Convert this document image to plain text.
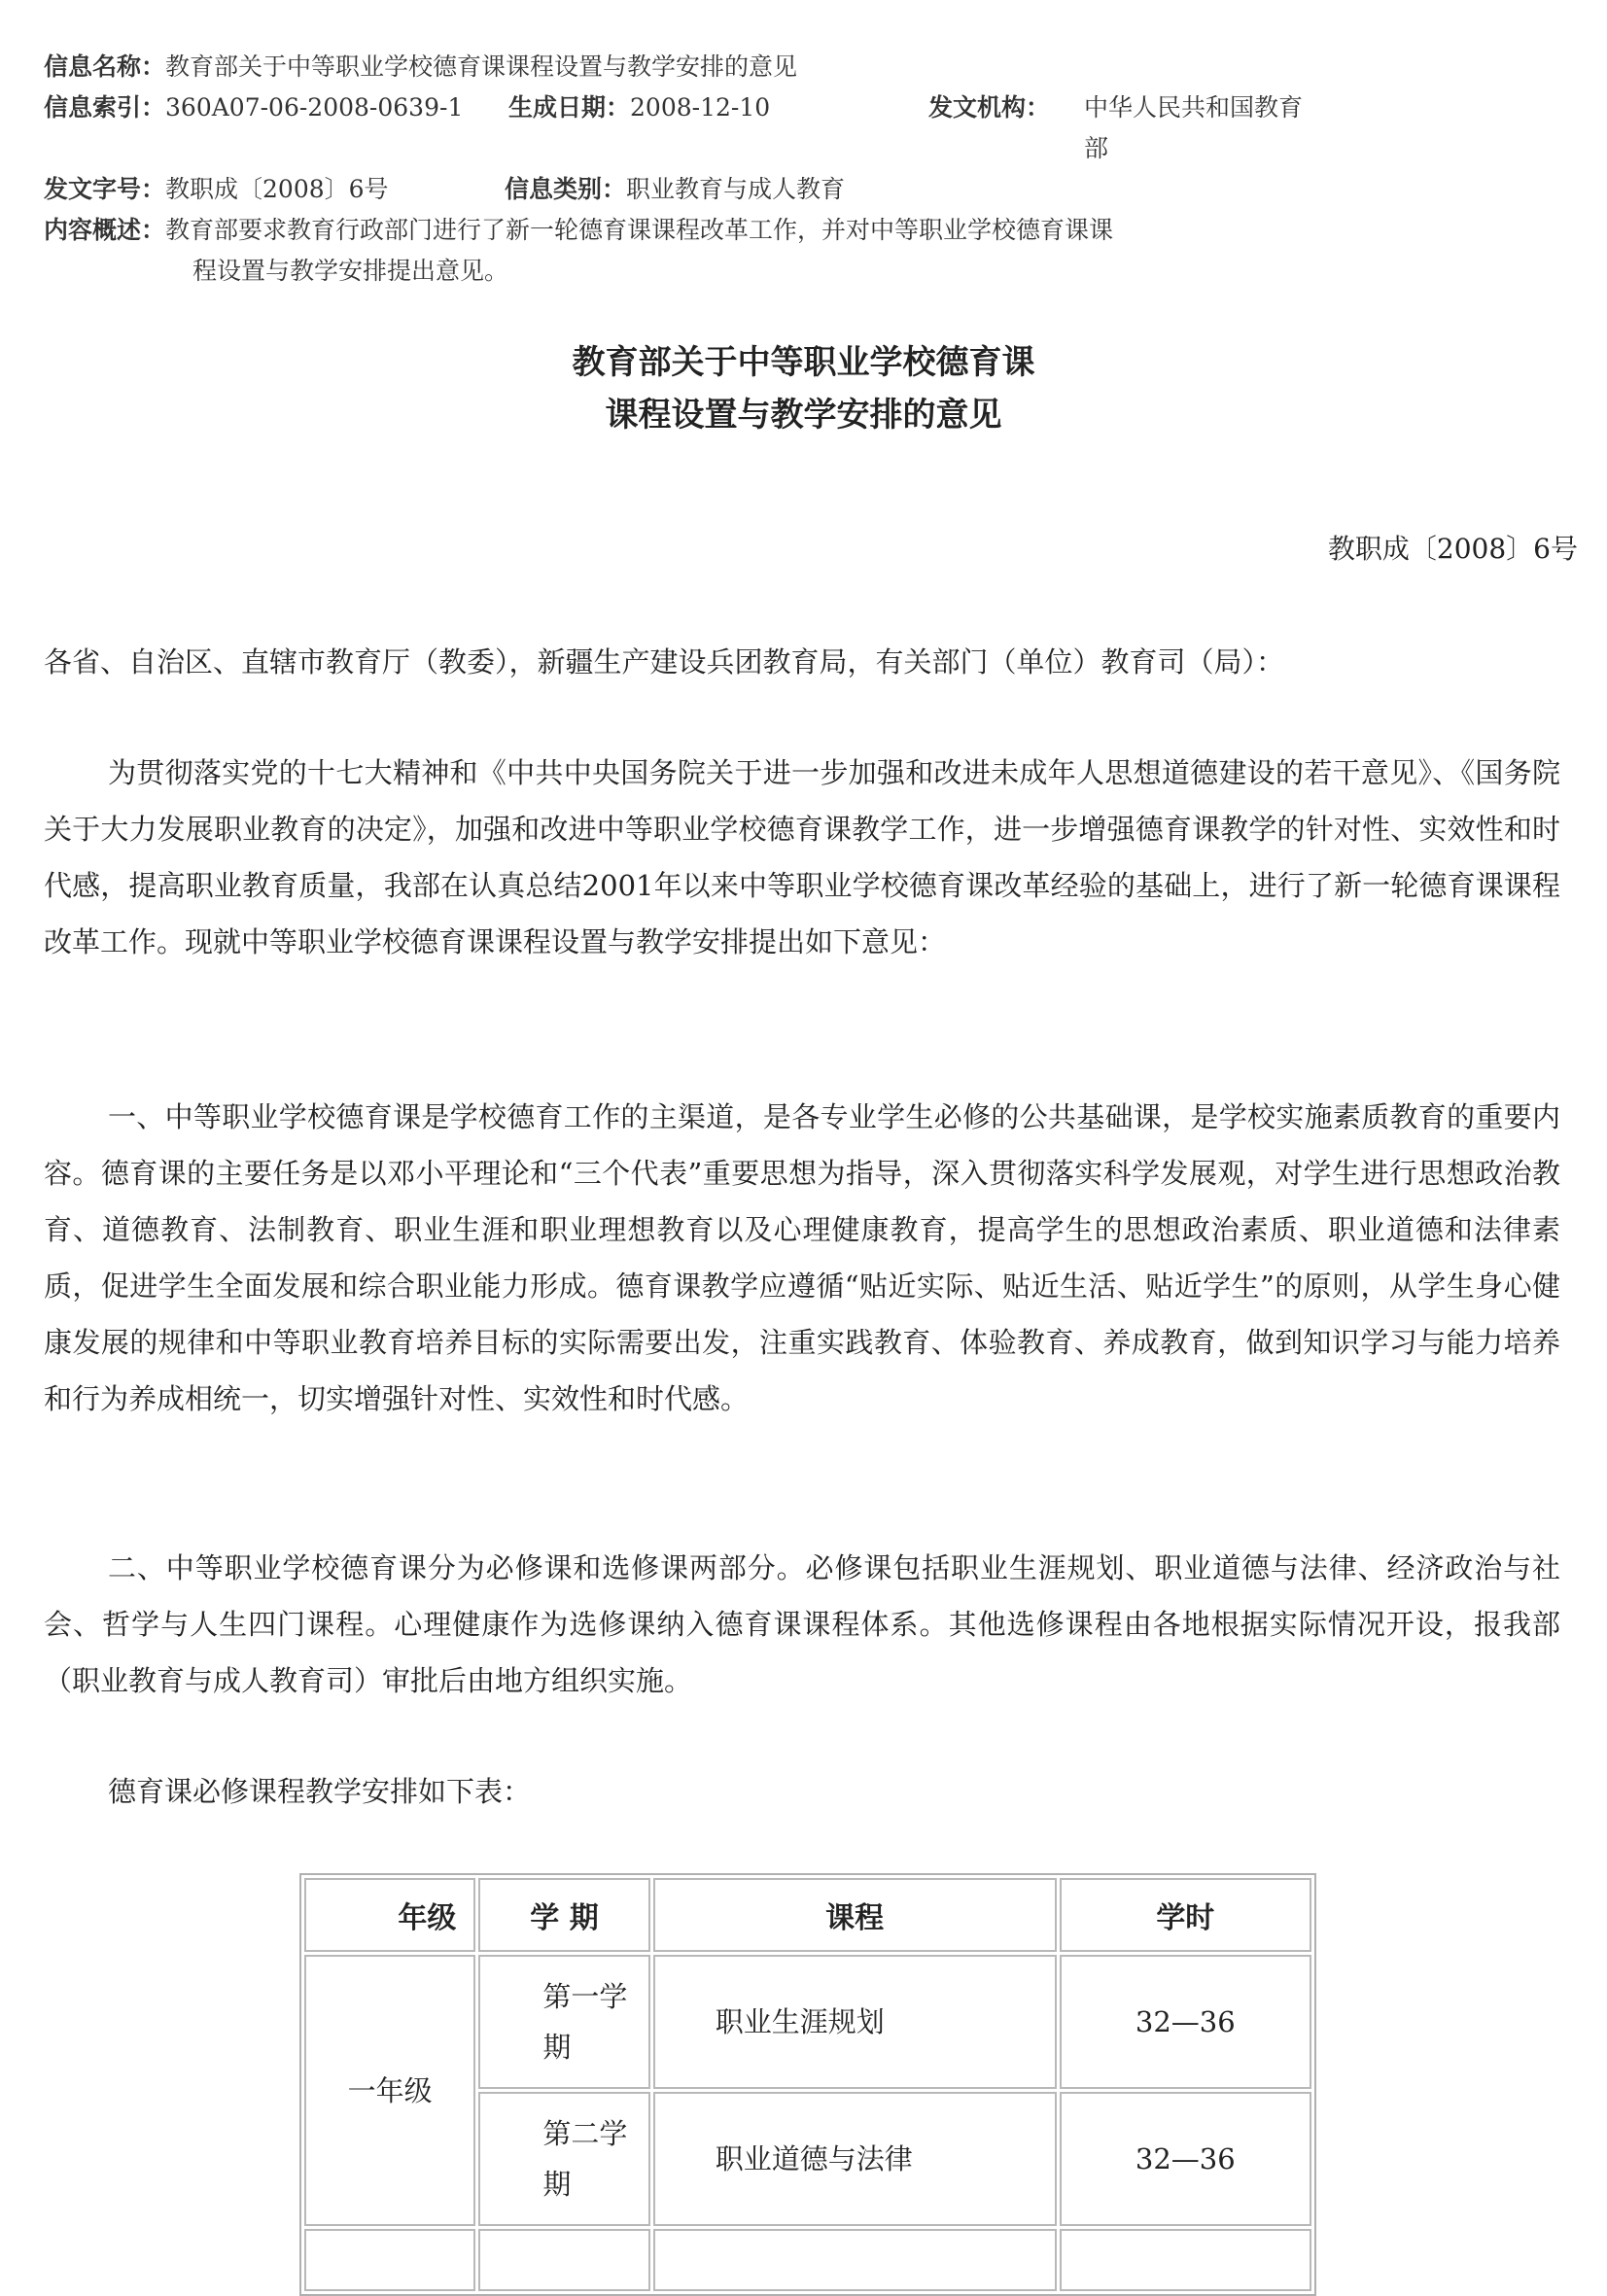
信息名称：教育部关于中等职业学校德育课课程设置与教学安排的意见
信息索引：360A07-06-2008-0639-1 生成日期：2008-12-10	发文机构： 中华人民共和国教育
部
发文字号：教职成〔2008〕6号	信息类别：职业教育与成人教育
内容概述：教育部要求教育行政部门进行了新一轮德育课课程改革工作，并对中等职业学校德育课课
程设置与教学安排提出意见。
教育部关于中等职业学校德育课
课程设置与教学安排的意见
教职成〔2008〕6号

各省、自治区、直辖市教育厅（教委），新疆生产建设兵团教育局，有关部门（单位）教育司（局）：

为贯彻落实党的十七大精神和《中共中央国务院关于进一步加强和改进未成年人思想道德建设的若干意见》、《国务院关于大力发展职业教育的决定》，加强和改进中等职业学校德育课教学工作，进一步增强德育课教学的针对性、实效性和时代感，提高职业教育质量，我部在认真总结2001年以来中等职业学校德育课改革经验的基础上，进行了新一轮德育课课程改革工作。现就中等职业学校德育课课程设置与教学安排提出如下意见：

一、中等职业学校德育课是学校德育工作的主渠道，是各专业学生必修的公共基础课，是学校实施素质教育的重要内容。德育课的主要任务是以邓小平理论和“三个代表”重要思想为指导，深入贯彻落实科学发展观，对学生进行思想政治教育、道德教育、法制教育、职业生涯和职业理想教育以及心理健康教育，提高学生的思想政治素质、职业道德和法律素质，促进学生全面发展和综合职业能力形成。德育课教学应遵循“贴近实际、贴近生活、贴近学生”的原则，从学生身心健康发展的规律和中等职业教育培养目标的实际需要出发，注重实践教育、体验教育、养成教育，做到知识学习与能力培养和行为养成相统一，切实增强针对性、实效性和时代感。

二、中等职业学校德育课分为必修课和选修课两部分。必修课包括职业生涯规划、职业道德与法律、经济政治与社会、哲学与人生四门课程。心理健康作为选修课纳入德育课课程体系。其他选修课程由各地根据实际情况开设，报我部（职业教育与成人教育司）审批后由地方组织实施。

德育课必修课程教学安排如下表：

年级	学 期	课程	学时
一年级	第一学期	职业生涯规划	32—36
	第二学期	职业道德与法律	32—36
